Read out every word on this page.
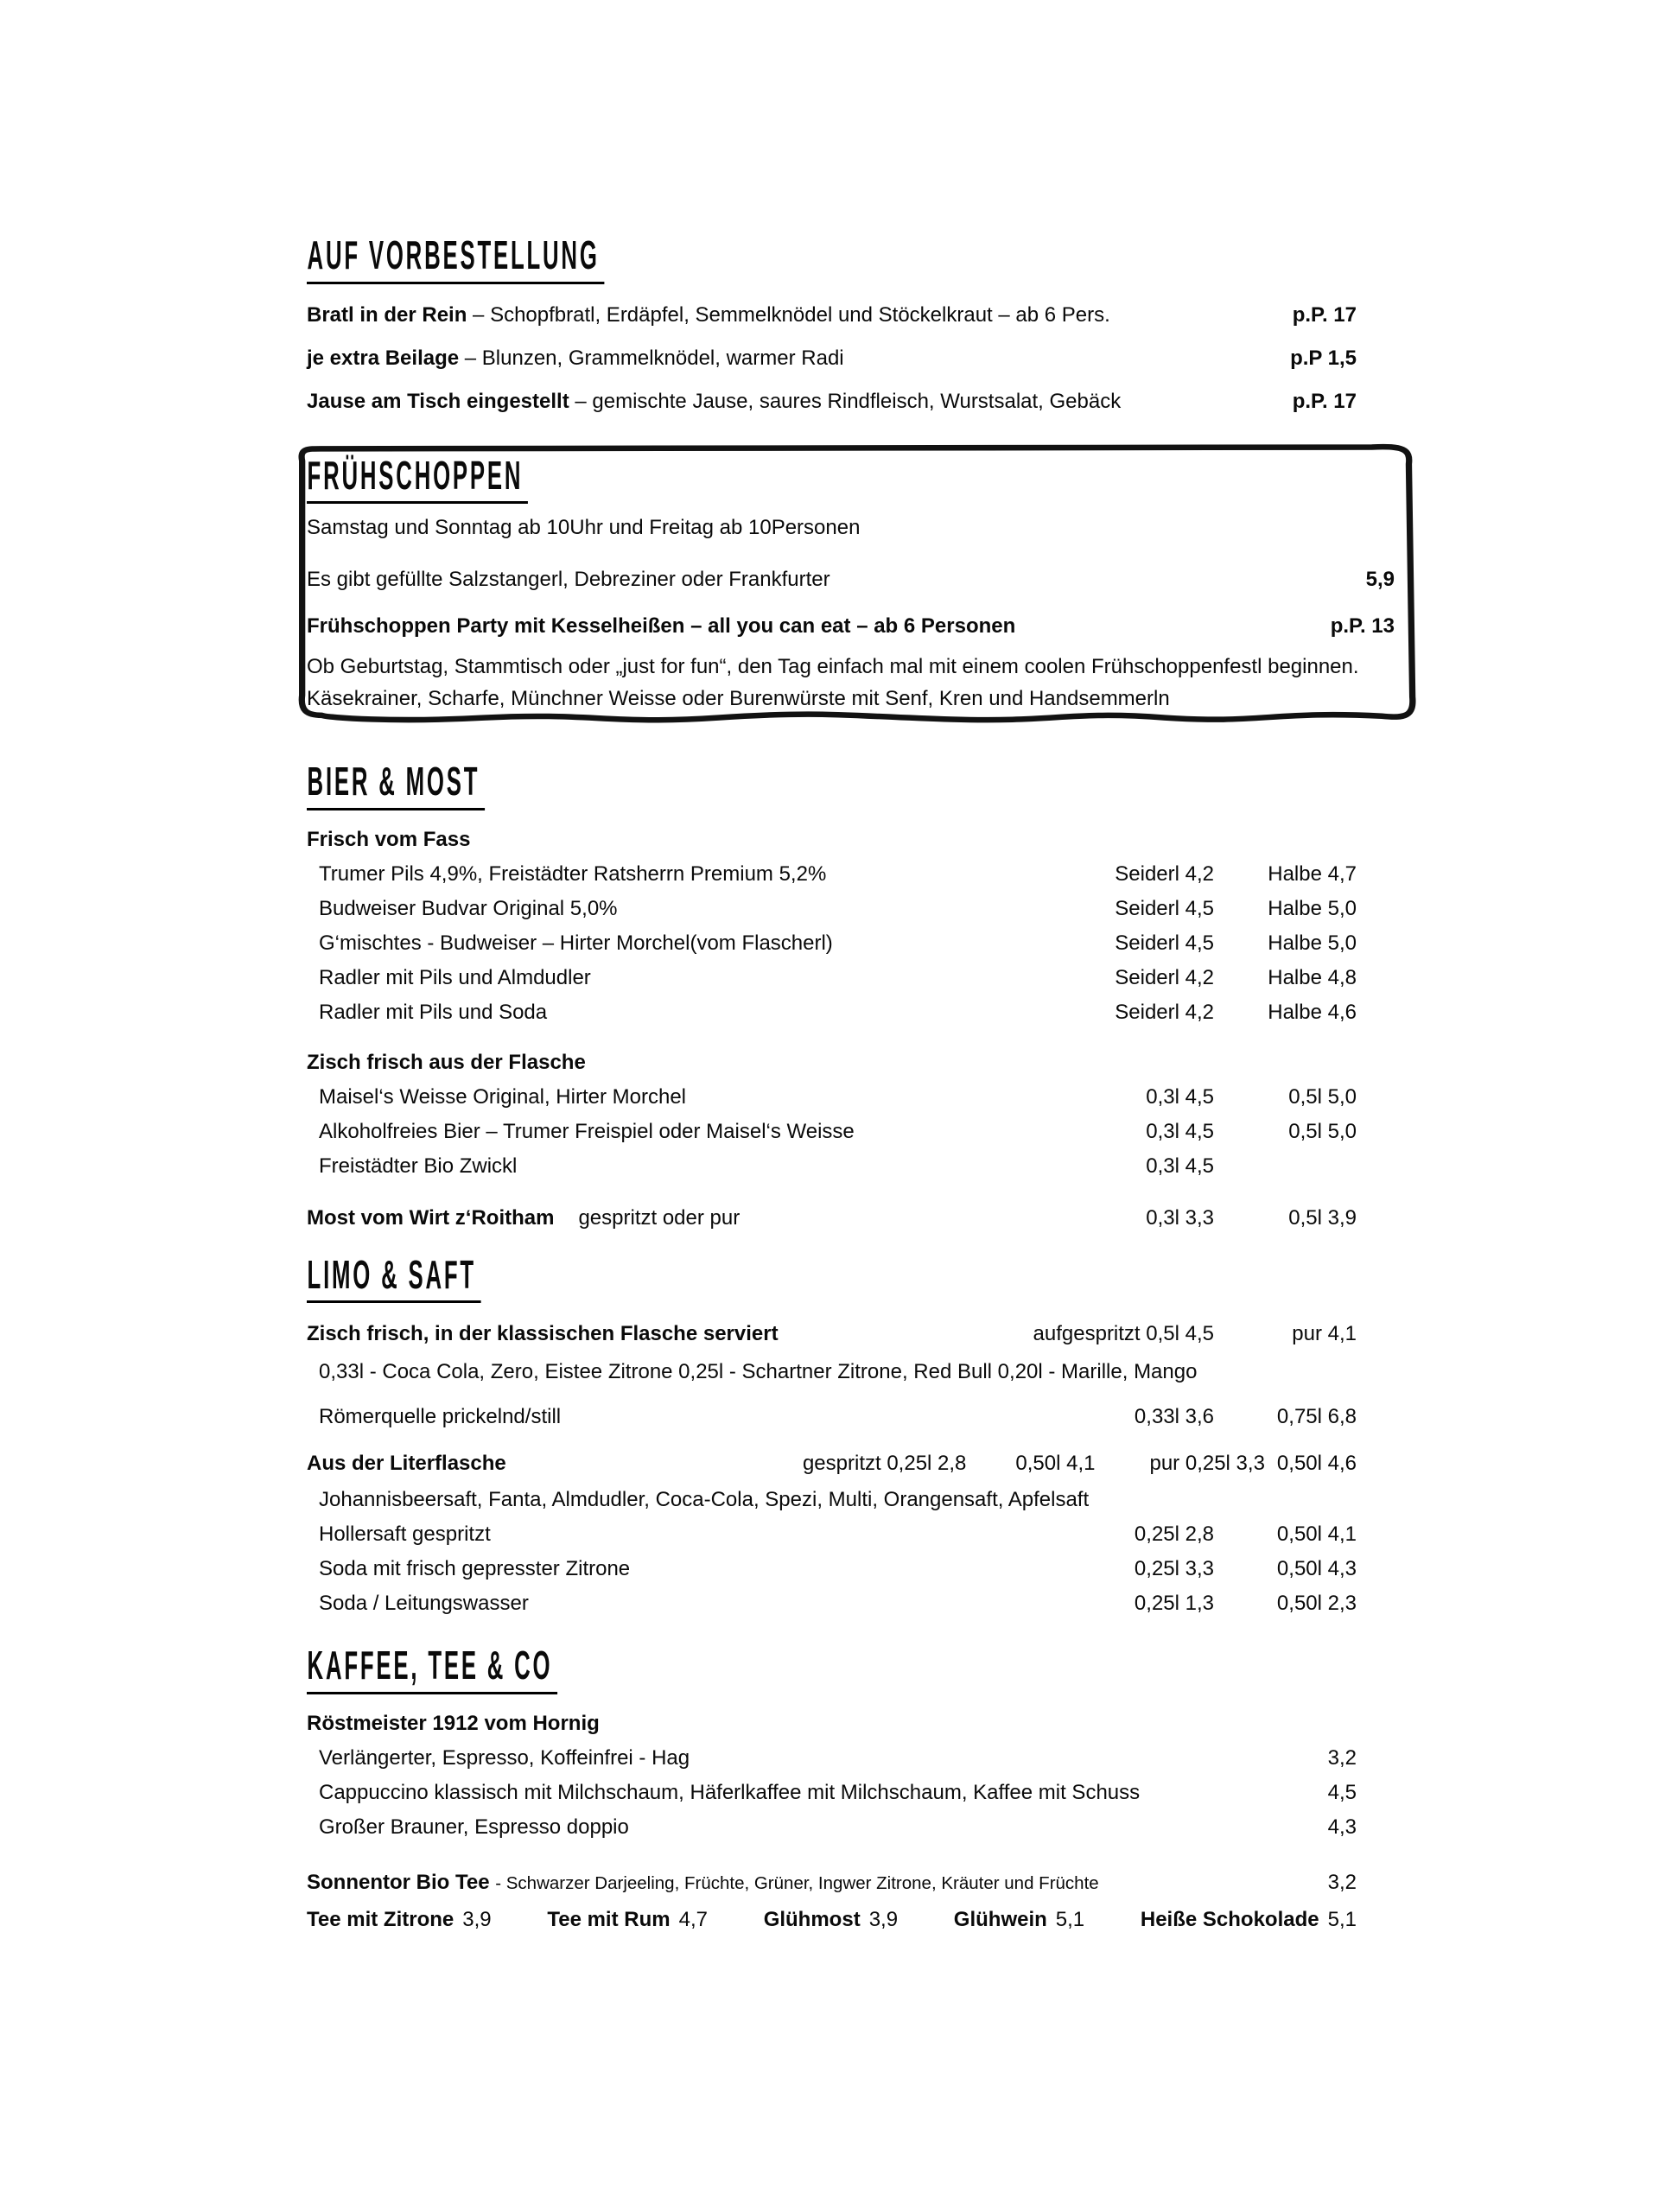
AUF VORBESTELLUNG
Bratl in der Rein – Schopfbratl, Erdäpfel, Semmelknödel und Stöckelkraut – ab 6 Pers.	p.P. 17
je extra Beilage – Blunzen, Grammelknödel, warmer Radi	p.P 1,5
Jause am Tisch eingestellt – gemischte Jause, saures Rindfleisch, Wurstsalat, Gebäck	p.P. 17
FRÜHSCHOPPEN
Samstag und Sonntag ab 10Uhr und Freitag ab 10Personen
Es gibt gefüllte Salzstangerl, Debreziner oder Frankfurter	5,9
Frühschoppen Party mit Kesselheißen – all you can eat – ab 6 Personen	p.P. 13

Ob Geburtstag, Stammtisch oder „just for fun“, den Tag einfach mal mit einem coolen Frühschoppenfestl beginnen.

Käsekrainer, Scharfe, Münchner Weisse oder Burenwürste mit Senf, Kren und Handsemmerln

BIER & MOST
Frisch vom Fass
Trumer Pils 4,9%, Freistädter Ratsherrn Premium 5,2%	Seiderl 4,2	Halbe 4,7
Budweiser Budvar Original 5,0%	Seiderl 4,5	Halbe 5,0
G‘mischtes - Budweiser – Hirter Morchel(vom Flascherl)	Seiderl 4,5	Halbe 5,0
Radler mit Pils und Almdudler	Seiderl 4,2	Halbe 4,8
Radler mit Pils und Soda	Seiderl 4,2	Halbe 4,6
Zisch frisch aus der Flasche
Maisel‘s Weisse Original, Hirter Morchel	0,3l 4,5	0,5l 5,0
Alkoholfreies Bier – Trumer Freispiel oder Maisel‘s Weisse	0,3l 4,5	0,5l 5,0
Freistädter Bio Zwickl	0,3l 4,5
Most vom Wirt z‘Roitham gespritzt oder pur	0,3l 3,3	0,5l 3,9
LIMO & SAFT
Zisch frisch, in der klassischen Flasche serviert	aufgespritzt 0,5l 4,5	pur 4,1
0,33l - Coca Cola, Zero, Eistee Zitrone 0,25l - Schartner Zitrone, Red Bull 0,20l - Marille, Mango
Römerquelle prickelnd/still	0,33l 3,6	0,75l 6,8
Aus der Literflasche	gespritzt 0,25l 2,8 0,50l 4,1	pur 0,25l 3,3 0,50l 4,6
Johannisbeersaft, Fanta, Almdudler, Coca-Cola, Spezi, Multi, Orangensaft, Apfelsaft
Hollersaft gespritzt	0,25l 2,8	0,50l 4,1
Soda mit frisch gepresster Zitrone	0,25l 3,3	0,50l 4,3
Soda / Leitungswasser	0,25l 1,3	0,50l 2,3
KAFFEE, TEE & CO
Röstmeister 1912 vom Hornig
Verlängerter, Espresso, Koffeinfrei - Hag	3,2
Cappuccino klassisch mit Milchschaum, Häferlkaffee mit Milchschaum, Kaffee mit Schuss	4,5
Großer Brauner, Espresso doppio	4,3
Sonnentor Bio Tee - Schwarzer Darjeeling, Früchte, Grüner, Ingwer Zitrone, Kräuter und Früchte	3,2
Tee mit Zitrone 3,9	Tee mit Rum 4,7	Glühmost 3,9	Glühwein 5,1	Heiße Schokolade 5,1
